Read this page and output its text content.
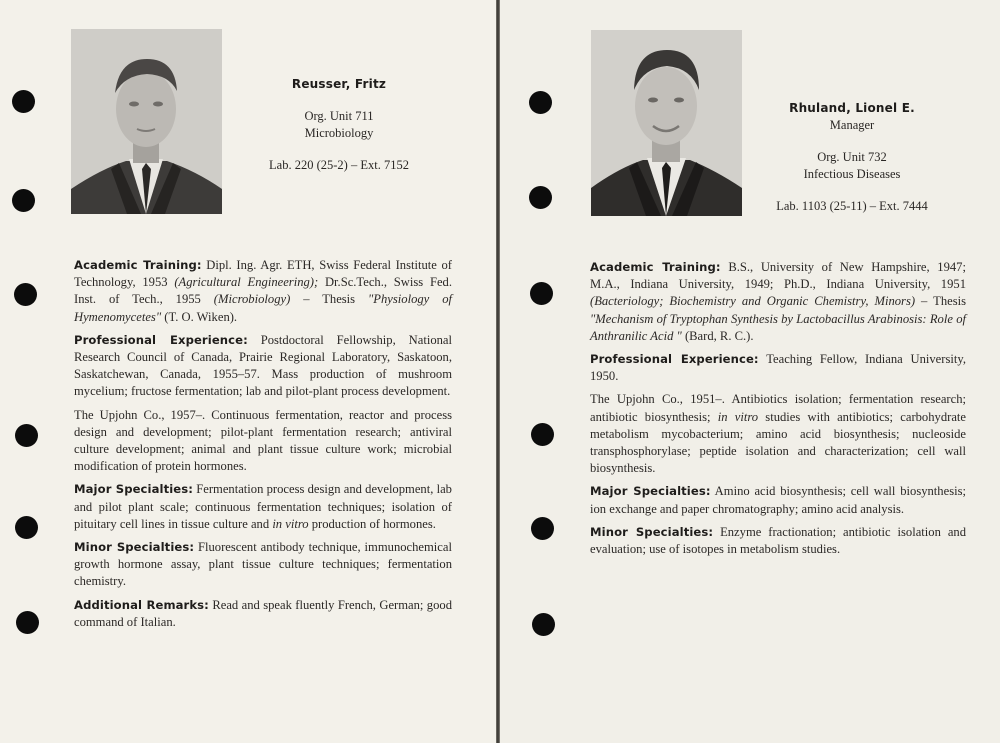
Reusser, Fritz
Org. Unit 711
Microbiology
Lab. 220 (25-2) – Ext. 7152

Academic Training: Dipl. Ing. Agr. ETH, Swiss Federal Institute of Technology, 1953 (Agricultural Engineering); Dr.Sc.Tech., Swiss Fed. Inst. of Tech., 1955 (Microbiology) – Thesis "Physiology of Hymenomycetes" (T. O. Wiken).

Professional Experience: Postdoctoral Fellowship, National Research Council of Canada, Prairie Regional Laboratory, Saskatoon, Saskatchewan, Canada, 1955–57. Mass production of mushroom mycelium; fructose fermentation; lab and pilot-plant process development.

The Upjohn Co., 1957–. Continuous fermentation, reactor and process design and development; pilot-plant fermentation research; antiviral culture development; animal and plant tissue culture work; microbial modification of protein hormones.

Major Specialties: Fermentation process design and development, lab and pilot plant scale; continuous fermentation techniques; isolation of pituitary cell lines in tissue culture and in vitro production of hormones.

Minor Specialties: Fluorescent antibody technique, immunochemical growth hormone assay, plant tissue culture techniques; fermentation chemistry.

Additional Remarks: Read and speak fluently French, German; good command of Italian.

Rhuland, Lionel E.
Manager
Org. Unit 732
Infectious Diseases
Lab. 1103 (25-11) – Ext. 7444

Academic Training: B.S., University of New Hampshire, 1947; M.A., Indiana University, 1949; Ph.D., Indiana University, 1951 (Bacteriology; Biochemistry and Organic Chemistry, Minors) – Thesis "Mechanism of Tryptophan Synthesis by Lactobacillus Arabinosis: Role of Anthranilic Acid " (Bard, R. C.).

Professional Experience: Teaching Fellow, Indiana University, 1950.

The Upjohn Co., 1951–. Antibiotics isolation; fermentation research; antibiotic biosynthesis; in vitro studies with antibiotics; carbohydrate metabolism mycobacterium; amino acid biosynthesis; nucleoside transphosphorylase; peptide isolation and characterization; cell wall biosynthesis.

Major Specialties: Amino acid biosynthesis; cell wall biosynthesis; ion exchange and paper chromatography; amino acid analysis.

Minor Specialties: Enzyme fractionation; antibiotic isolation and evaluation; use of isotopes in metabolism studies.
